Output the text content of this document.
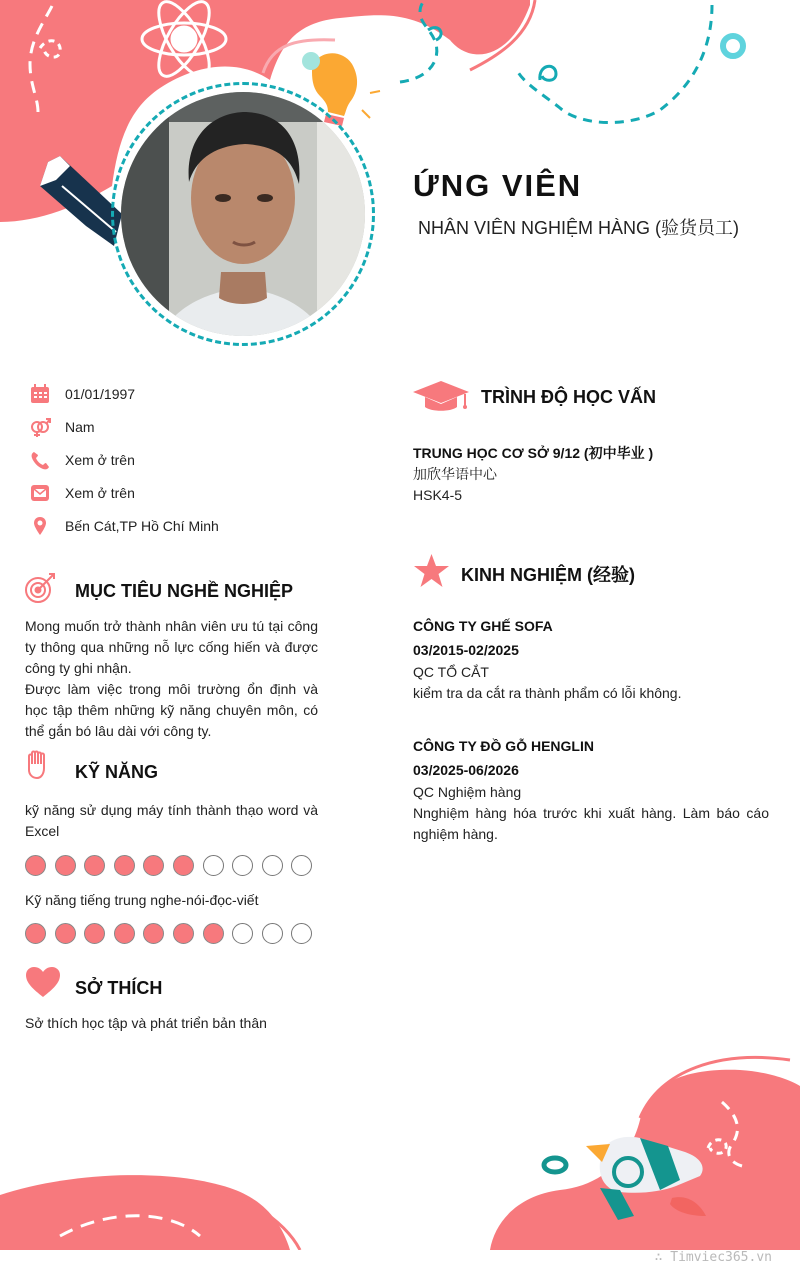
ỨNG VIÊN
NHÂN VIÊN NGHIỆM HÀNG (验货员工)
01/01/1997
Nam
Xem ở trên
Xem ở trên
Bến Cát,TP Hồ Chí Minh
MỤC TIÊU NGHỀ NGHIỆP
Mong muốn trở thành nhân viên ưu tú tại công ty thông qua những nỗ lực cống hiến và được công ty ghi nhận.
Được làm việc trong môi trường ổn định và học tập thêm những kỹ năng chuyên môn, có thể gắn bó lâu dài với công ty.
KỸ NĂNG
kỹ năng sử dụng máy tính thành thạo word và Excel
Kỹ năng tiếng trung nghe-nói-đọc-viết
SỞ THÍCH
Sở thích học tập và phát triển bản thân
TRÌNH ĐỘ HỌC VẤN
TRUNG HỌC CƠ SỞ 9/12 (初中毕业 )
加欣华语中心
HSK4-5
KINH NGHIỆM (经验)
CÔNG TY GHẾ SOFA
03/2015-02/2025
QC TỔ CẮT
kiểm tra da cắt ra thành phẩm có lỗi không.
CÔNG TY ĐỒ GỖ HENGLIN
03/2025-06/2026
QC Nghiệm hàng
Nnghiệm hàng hóa trước khi xuất hàng. Làm báo cáo nghiệm hàng.
∴ Timviec365.vn
